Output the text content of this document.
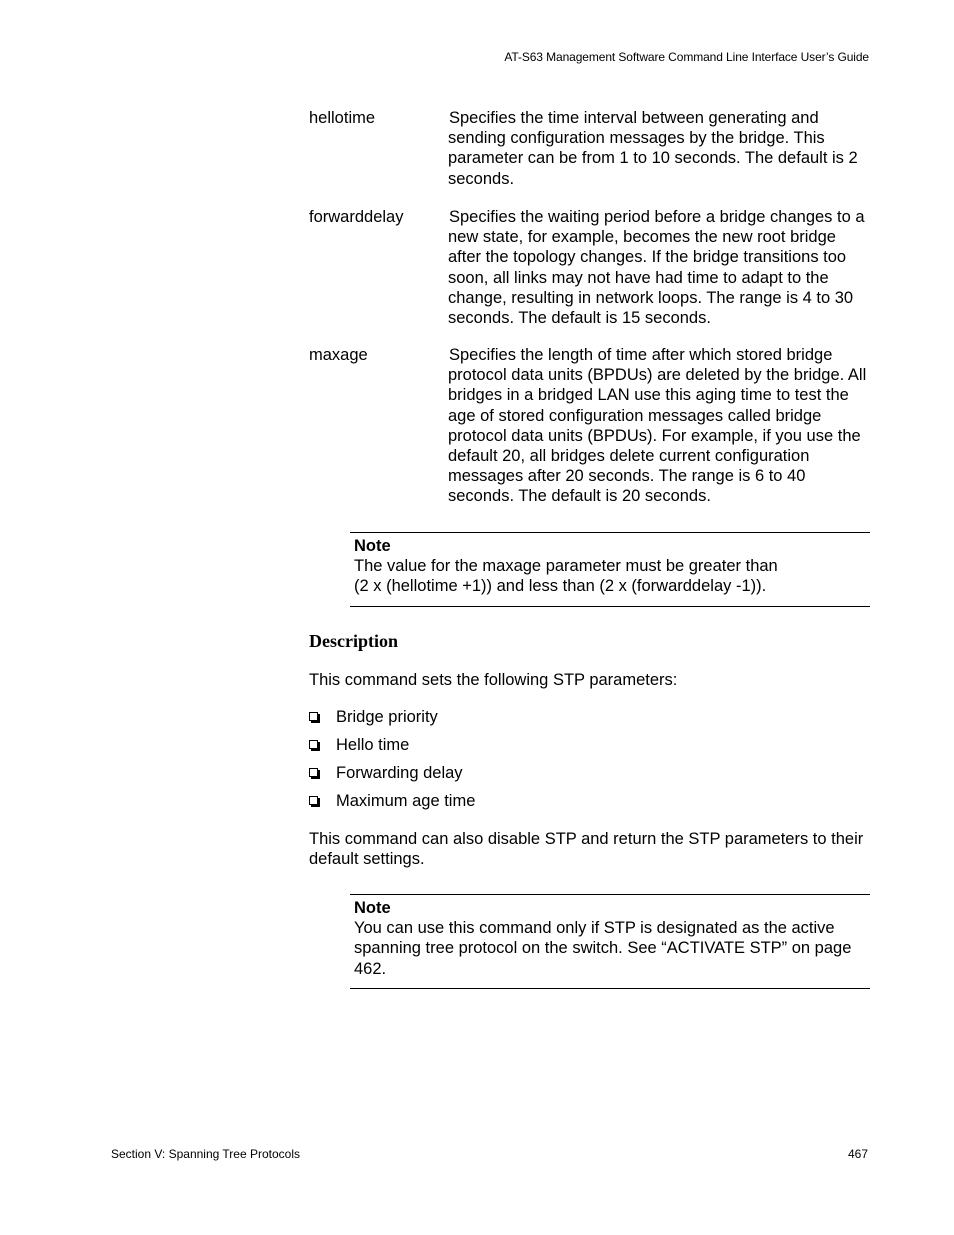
AT-S63 Management Software Command Line Interface User’s Guide
hellotime	Specifies the time interval between generating and sending configuration messages by the bridge. This parameter can be from 1 to 10 seconds. The default is 2 seconds.
forwarddelay	Specifies the waiting period before a bridge changes to a new state, for example, becomes the new root bridge after the topology changes. If the bridge transitions too soon, all links may not have had time to adapt to the change, resulting in network loops. The range is 4 to 30 seconds. The default is 15 seconds.
maxage	Specifies the length of time after which stored bridge protocol data units (BPDUs) are deleted by the bridge. All bridges in a bridged LAN use this aging time to test the age of stored configuration messages called bridge protocol data units (BPDUs). For example, if you use the default 20, all bridges delete current configuration messages after 20 seconds. The range is 6 to 40 seconds. The default is 20 seconds.
Note
The value for the maxage parameter must be greater than
(2 x (hellotime +1)) and less than (2 x (forwarddelay -1)).
Description
This command sets the following STP parameters:
Bridge priority
Hello time
Forwarding delay
Maximum age time
This command can also disable STP and return the STP parameters to their default settings.
Note
You can use this command only if STP is designated as the active spanning tree protocol on the switch. See “ACTIVATE STP” on page 462.
Section V: Spanning Tree Protocols	467
